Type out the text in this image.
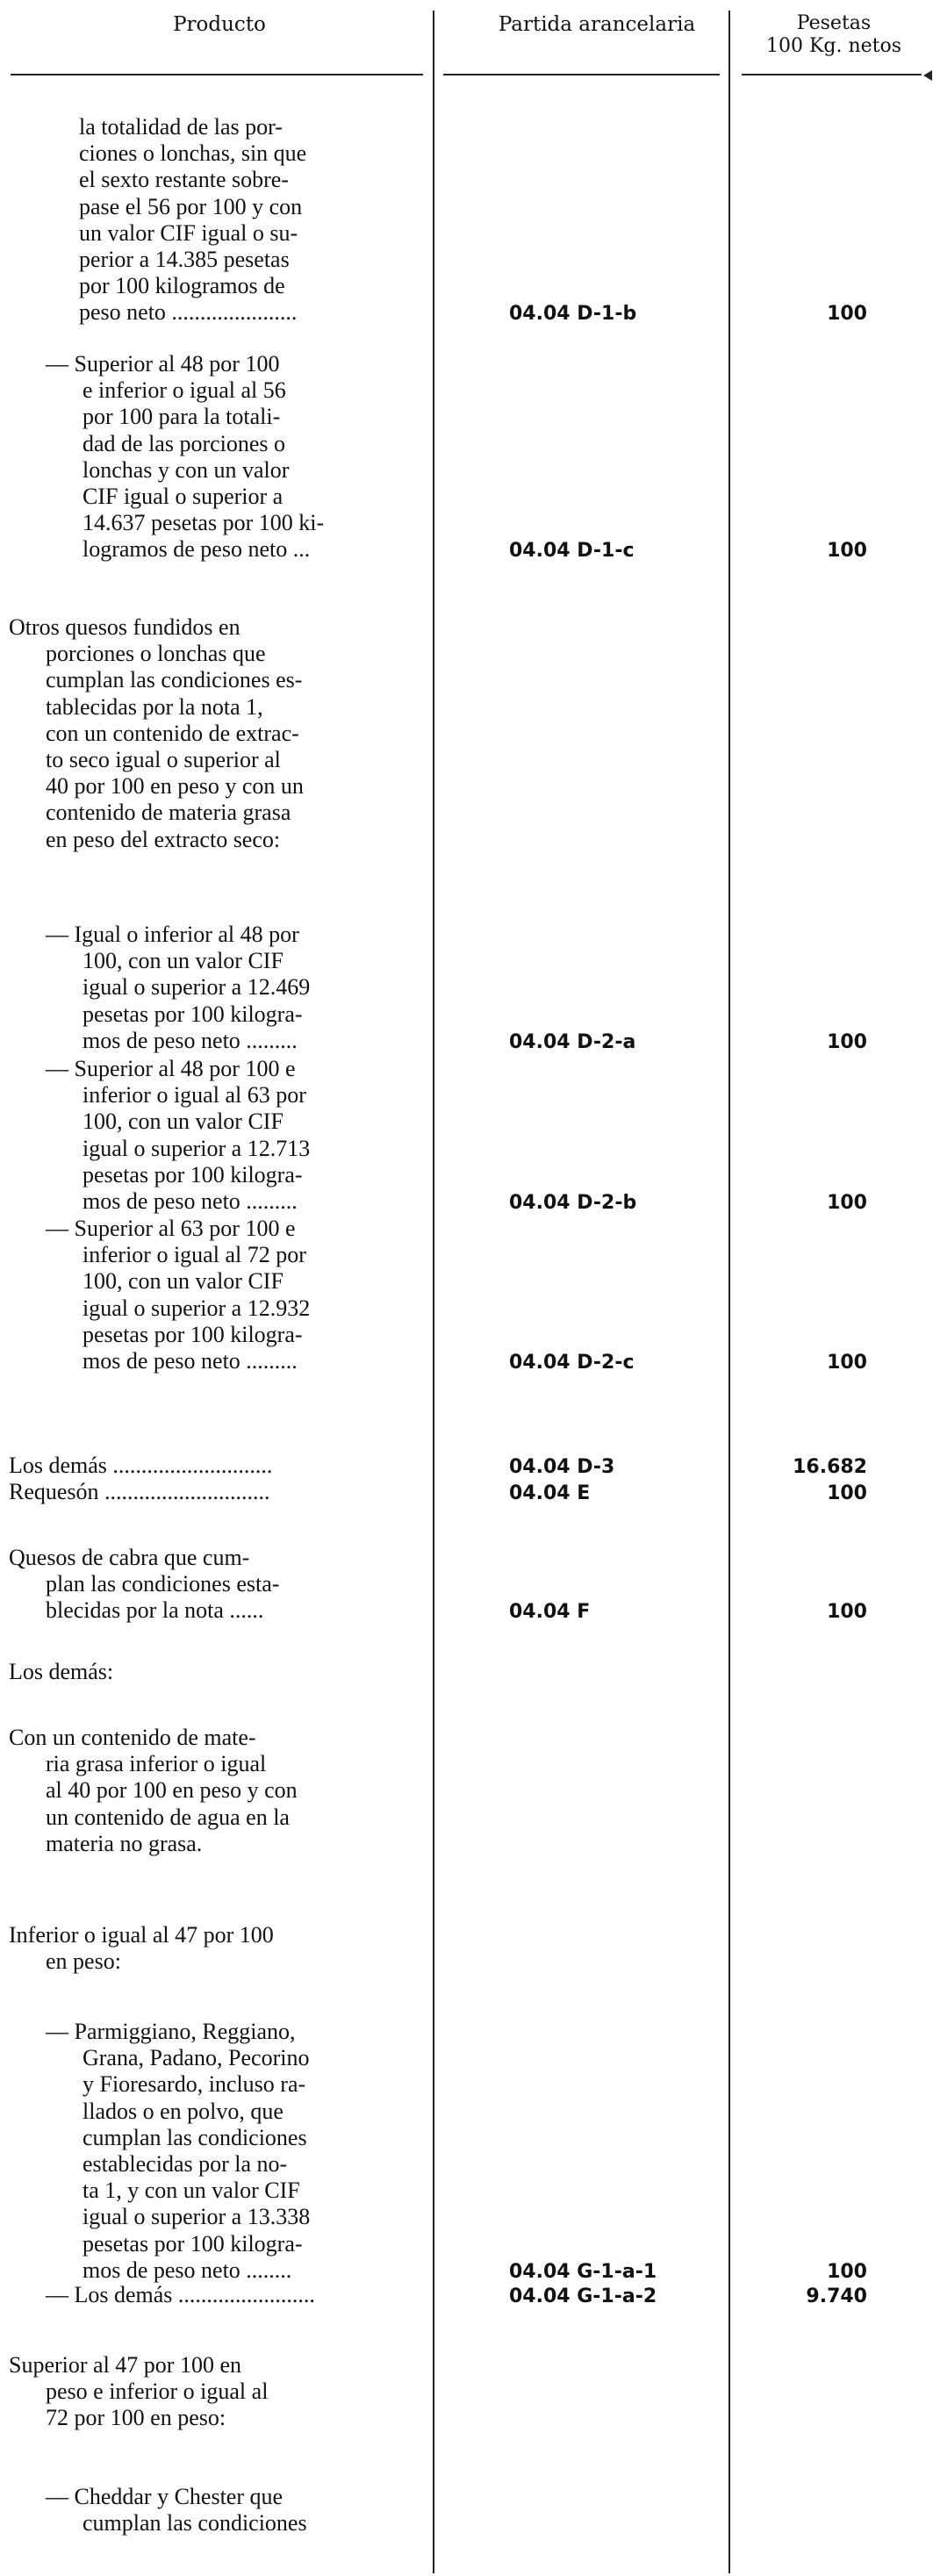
Producto	Partida arancelaria	Pesetas
100 Kg. netos
la totalidad de las por-
ciones o lonchas, sin que
el sexto restante sobre-
pase el 56 por 100 y con
un valor CIF igual o su-
perior a 14.385 pesetas
por 100 kilogramos de
peso neto ......................	04.04 D-1-b	100
— Superior al 48 por 100
e inferior o igual al 56
por 100 para la totali-
dad de las porciones o
lonchas y con un valor
CIF igual o superior a
14.637 pesetas por 100 ki-
logramos de peso neto ...	04.04 D-1-c	100
Otros quesos fundidos en
porciones o lonchas que
cumplan las condiciones es-
tablecidas por la nota 1,
con un contenido de extrac-
to seco igual o superior al
40 por 100 en peso y con un
contenido de materia grasa
en peso del extracto seco:
— Igual o inferior al 48 por
100, con un valor CIF
igual o superior a 12.469
pesetas por 100 kilogra-
mos de peso neto .........	04.04 D-2-a	100
— Superior al 48 por 100 e
inferior o igual al 63 por
100, con un valor CIF
igual o superior a 12.713
pesetas por 100 kilogra-
mos de peso neto .........	04.04 D-2-b	100
— Superior al 63 por 100 e
inferior o igual al 72 por
100, con un valor CIF
igual o superior a 12.932
pesetas por 100 kilogra-
mos de peso neto .........	04.04 D-2-c	100
Los demás ............................	04.04 D-3	16.682
Requesón .............................	04.04 E	100
Quesos de cabra que cum-
plan las condiciones esta-
blecidas por la nota ......	04.04 F	100
Los demás:
Con un contenido de mate-
ria grasa inferior o igual
al 40 por 100 en peso y con
un contenido de agua en la
materia no grasa.
Inferior o igual al 47 por 100
en peso:
— Parmiggiano, Reggiano,
Grana, Padano, Pecorino
y Fioresardo, incluso ra-
llados o en polvo, que
cumplan las condiciones
establecidas por la no-
ta 1, y con un valor CIF
igual o superior a 13.338
pesetas por 100 kilogra-
mos de peso neto ........	04.04 G-1-a-1	100
— Los demás ........................	04.04 G-1-a-2	9.740
Superior al 47 por 100 en
peso e inferior o igual al
72 por 100 en peso:
— Cheddar y Chester que
cumplan las condiciones
